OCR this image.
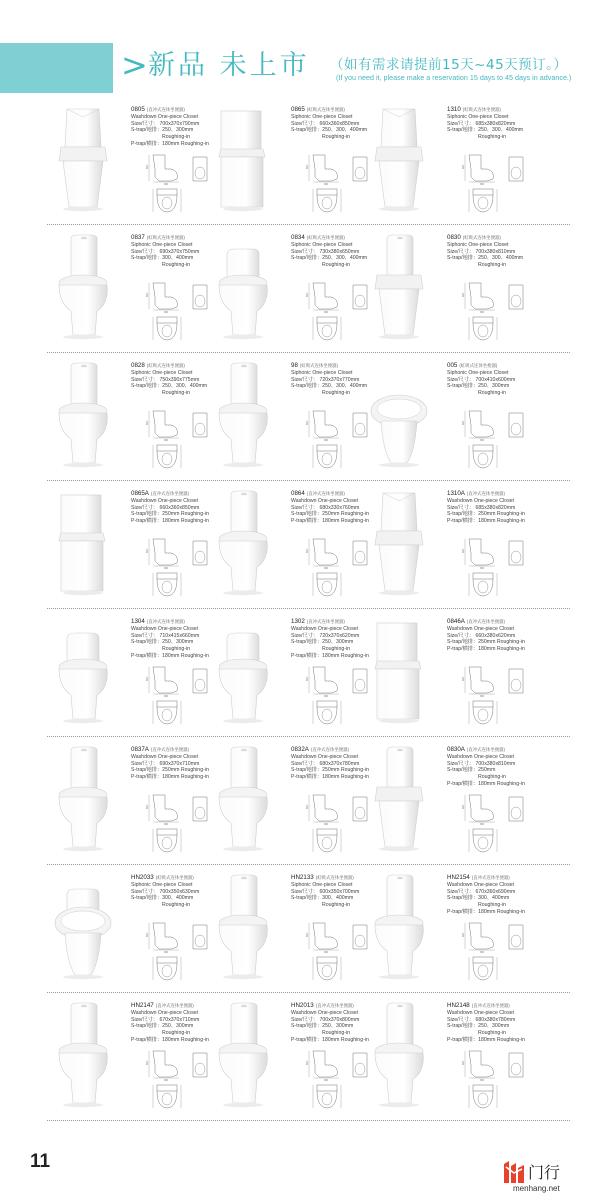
> 新品 未上市 （如有需求请提前15天~45天预订。）
(If you need it, please make a reservation 15 days to 45 days in advance.)
0805 (直冲式连体坐便器)
Washdown One-piece Closet
Size/尺寸： 700x370x790mm
S-trap/地排：250、300mm
Roughing-in
P-trap/横排：180mm Roughing-in
800
660
0865 (虹吸式连体坐便器)
Siphonic One-piece Closet
Size/尺寸： 660x360x850mm
S-trap/地排：250、300、400mm
Roughing-in
800
660
1310 (虹吸式连体坐便器)
Siphonic One-piece Closet
Size/尺寸： 685x380x820mm
S-trap/地排：250、300、400mm
Roughing-in
800
660
0837 (虹吸式连体坐便器)
Siphonic One-piece Closet
Size/尺寸： 690x370x750mm
S-trap/地排：300、400mm
Roughing-in
800
660
0834 (虹吸式连体坐便器)
Siphonic One-piece Closet
Size/尺寸： 730x380x650mm
S-trap/地排：250、300、400mm
Roughing-in
800
660
0830 (虹吸式连体坐便器)
Siphonic One-piece Closet
Size/尺寸： 700x380x810mm
S-trap/地排：250、300、400mm
Roughing-in
800
660
0828 (虹吸式连体坐便器)
Siphonic One-piece Closet
Size/尺寸： 750x390x775mm
S-trap/地排：250、300、400mm
Roughing-in
800
660
98 (虹吸式连体坐便器)
Siphonic One-piece Closet
Size/尺寸： 720x370x770mm
S-trap/地排：250、300、400mm
Roughing-in
800
660
005 (虹吸式连体坐便器)
Siphonic One-piece Closet
Size/尺寸： 700x410x600mm
S-trap/地排：250、300mm
Roughing-in
800
660
0865A (直冲式连体坐便器)
Washdown One-piece Closet
Size/尺寸： 660x360x850mm
S-trap/地排：250mm Roughing-in
P-trap/横排：180mm Roughing-in
800
660
0864 (直冲式连体坐便器)
Washdown One-piece Closet
Size/尺寸： 680x330x760mm
S-trap/地排：250mm Roughing-in
P-trap/横排：180mm Roughing-in
800
660
1310A (直冲式连体坐便器)
Washdown One-piece Closet
Size/尺寸： 685x380x820mm
S-trap/地排：250mm Roughing-in
P-trap/横排：180mm Roughing-in
800
660
1304 (直冲式连体坐便器)
Washdown One-piece Closet
Size/尺寸： 710x415x660mm
S-trap/地排：250、300mm
Roughing-in
P-trap/横排：180mm Roughing-in
800
660
1302 (直冲式连体坐便器)
Washdown One-piece Closet
Size/尺寸： 720x370x620mm
S-trap/地排：250、300mm
Roughing-in
P-trap/横排：180mm Roughing-in
800
660
0846A (直冲式连体坐便器)
Washdown One-piece Closet
Size/尺寸： 660x380x620mm
S-trap/地排：250mm Roughing-in
P-trap/横排：180mm Roughing-in
800
660
0837A (直冲式连体坐便器)
Washdown One-piece Closet
Size/尺寸： 690x370x710mm
S-trap/地排：250mm Roughing-in
P-trap/横排：180mm Roughing-in
800
660
0832A (直冲式连体坐便器)
Washdown One-piece Closet
Size/尺寸： 680x370x780mm
S-trap/地排：250mm Roughing-in
P-trap/横排：180mm Roughing-in
800
660
0830A (直冲式连体坐便器)
Washdown One-piece Closet
Size/尺寸： 700x380x810mm
S-trap/地排：250mm
Roughing-in
P-trap/横排：180mm Roughing-in
800
660
HN2033 (虹吸式连体坐便器)
Siphonic One-piece Closet
Size/尺寸： 700x350x630mm
S-trap/地排：300、400mm
Roughing-in
800
660
HN2133 (虹吸式连体坐便器)
Siphonic One-piece Closet
Size/尺寸： 600x350x700mm
S-trap/地排：300、400mm
Roughing-in
800
660
HN2154 (直冲式连体坐便器)
Washdown One-piece Closet
Size/尺寸： 670x360x690mm
S-trap/地排：300、400mm
Roughing-in
P-trap/横排：180mm Roughing-in
800
660
HN2147 (直冲式连体坐便器)
Washdown One-piece Closet
Size/尺寸： 670x370x710mm
S-trap/地排：250、300mm
Roughing-in
P-trap/横排：180mm Roughing-in
800
660
HN2013 (直冲式连体坐便器)
Washdown One-piece Closet
Size/尺寸： 700x370x800mm
S-trap/地排：250、300mm
Roughing-in
P-trap/横排：180mm Roughing-in
800
660
HN2148 (直冲式连体坐便器)
Washdown One-piece Closet
Size/尺寸： 680x380x780mm
S-trap/地排：250、300mm
Roughing-in
P-trap/横排：180mm Roughing-in
800
660
11
门行
menhang.net
